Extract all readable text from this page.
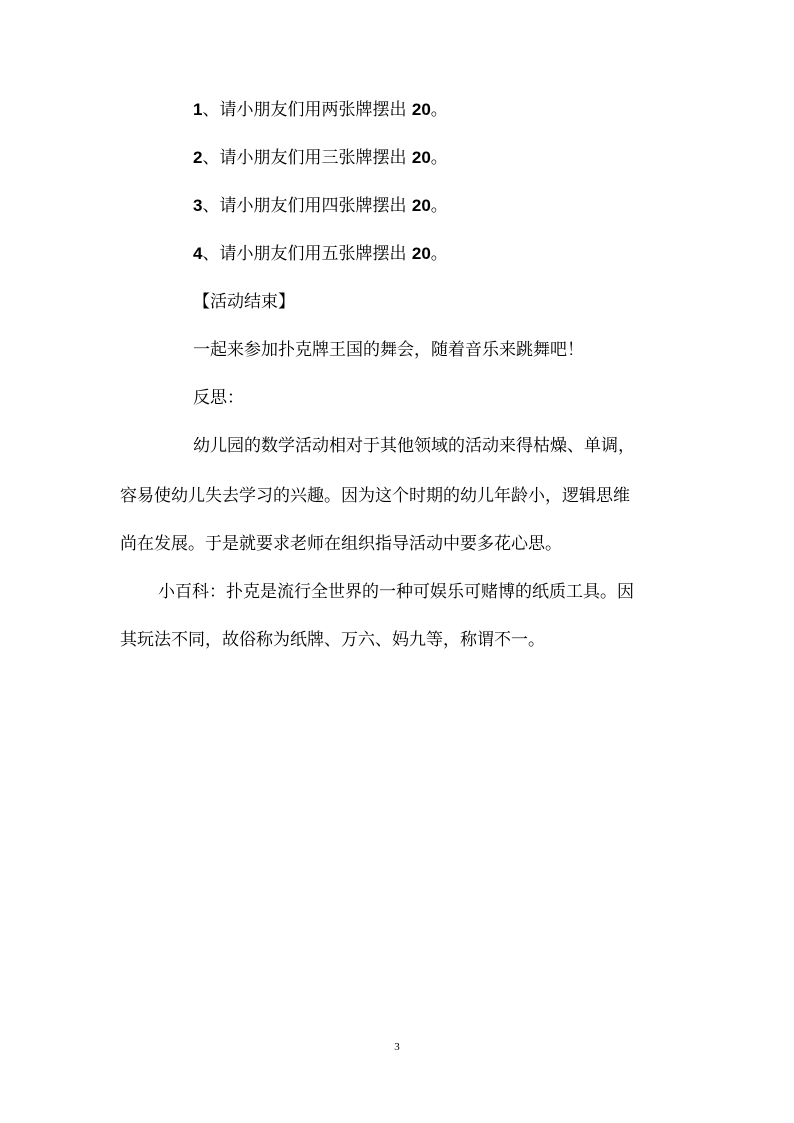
1、请小朋友们用两张牌摆出 20。
2、请小朋友们用三张牌摆出 20。
3、请小朋友们用四张牌摆出 20。
4、请小朋友们用五张牌摆出 20。
【活动结束】
一起来参加扑克牌王国的舞会，随着音乐来跳舞吧！
反思：
幼儿园的数学活动相对于其他领域的活动来得枯燥、单调，
容易使幼儿失去学习的兴趣。因为这个时期的幼儿年龄小，逻辑思维
尚在发展。于是就要求老师在组织指导活动中要多花心思。
小百科：扑克是流行全世界的一种可娱乐可赌博的纸质工具。因
其玩法不同，故俗称为纸牌、万六、妈九等，称谓不一。
3
